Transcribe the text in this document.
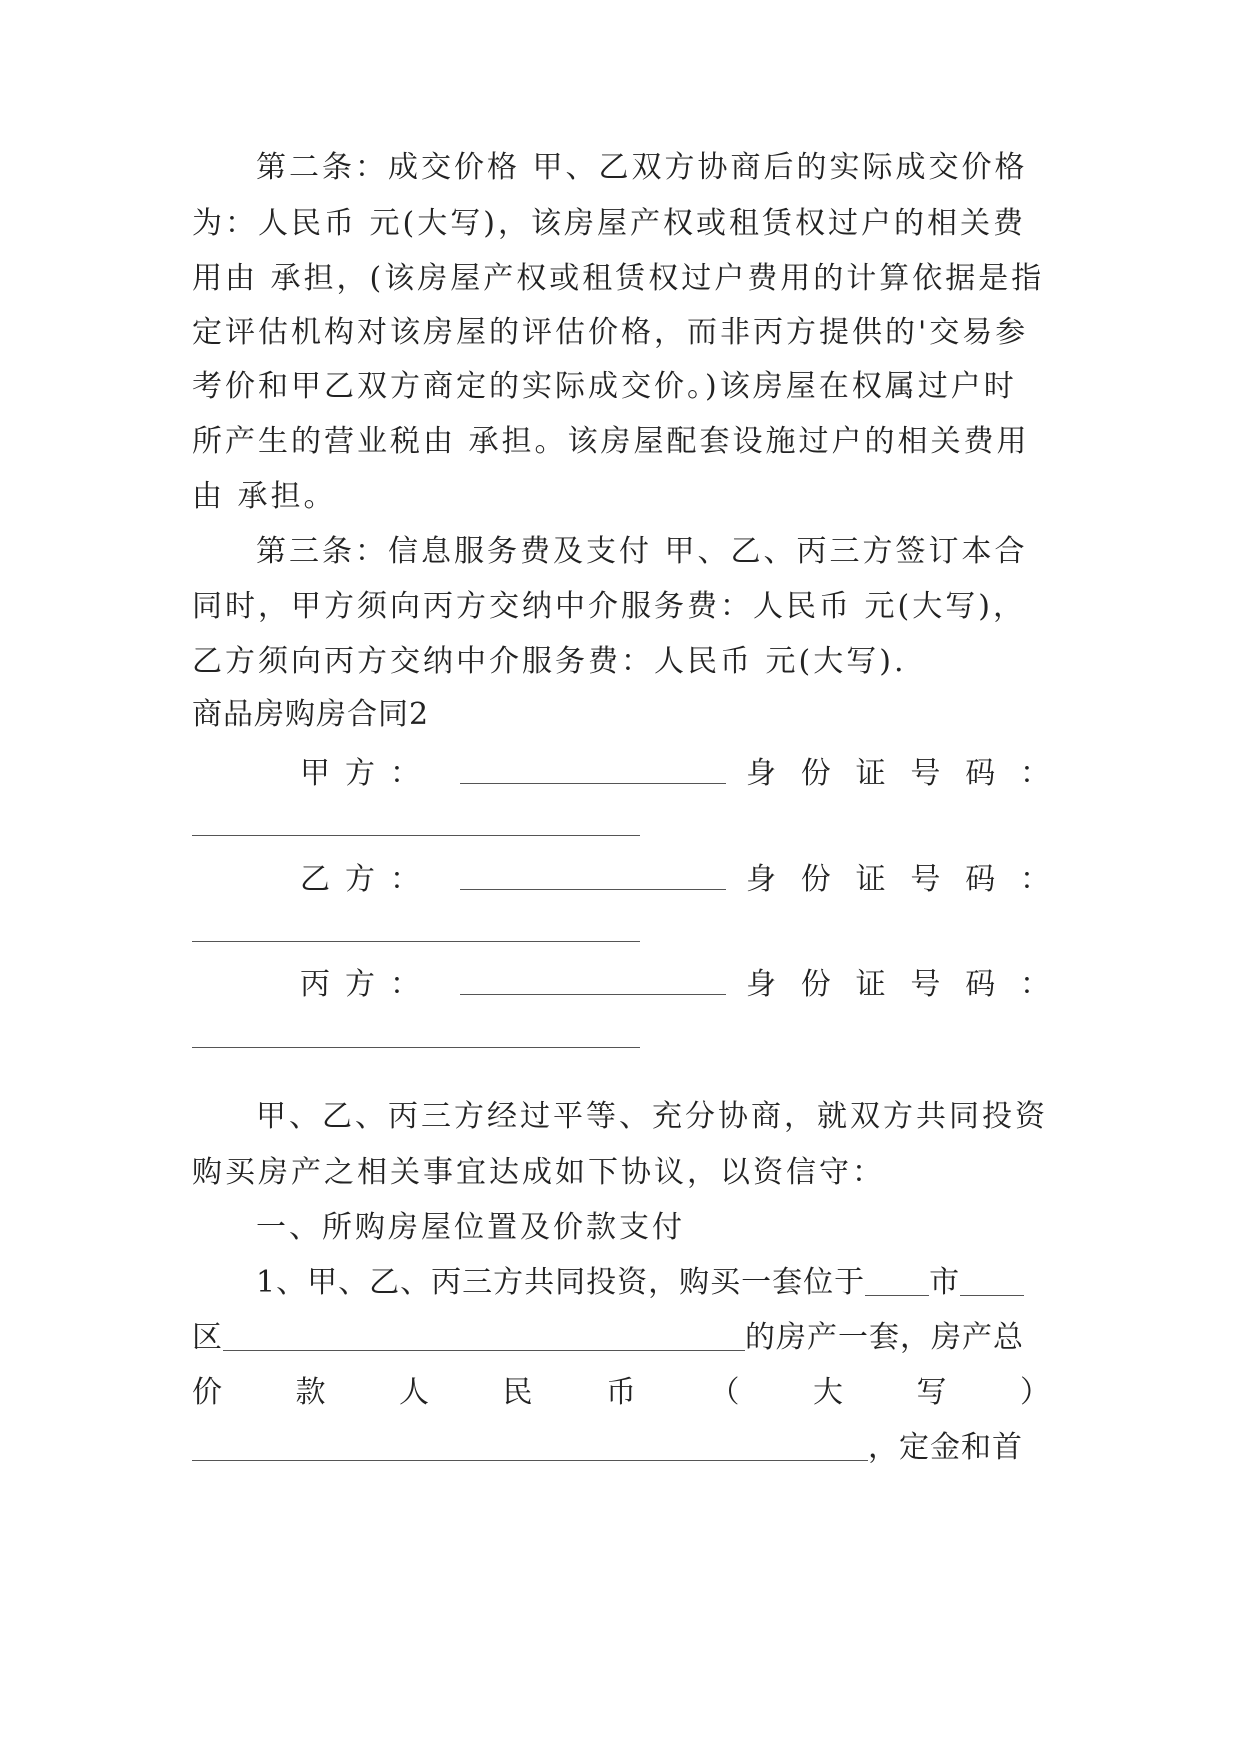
第二条：成交价格 甲、乙双方协商后的实际成交价格
为：人民币 元(大写)，该房屋产权或租赁权过户的相关费
用由 承担，(该房屋产权或租赁权过户费用的计算依据是指
定评估机构对该房屋的评估价格，而非丙方提供的'交易参
考价和甲乙双方商定的实际成交价。)该房屋在权属过户时
所产生的营业税由 承担。该房屋配套设施过户的相关费用
由 承担。
第三条：信息服务费及支付 甲、乙、丙三方签订本合
同时，甲方须向丙方交纳中介服务费：人民币 元(大写)，
乙方须向丙方交纳中介服务费：人民币 元(大写).
商品房购房合同2
甲 方 ：	身 份 证 号 码 ：
乙 方 ：	身 份 证 号 码 ：
丙 方 ：	身 份 证 号 码 ：
甲、乙、丙三方经过平等、充分协商，就双方共同投资
购买房产之相关事宜达成如下协议，以资信守：
一、所购房屋位置及价款支付
1、甲、乙、丙三方共同投资，购买一套位于 市
区	的房产一套，房产总
价 款 人 民 币 （ 大 写 ）
，定金和首
